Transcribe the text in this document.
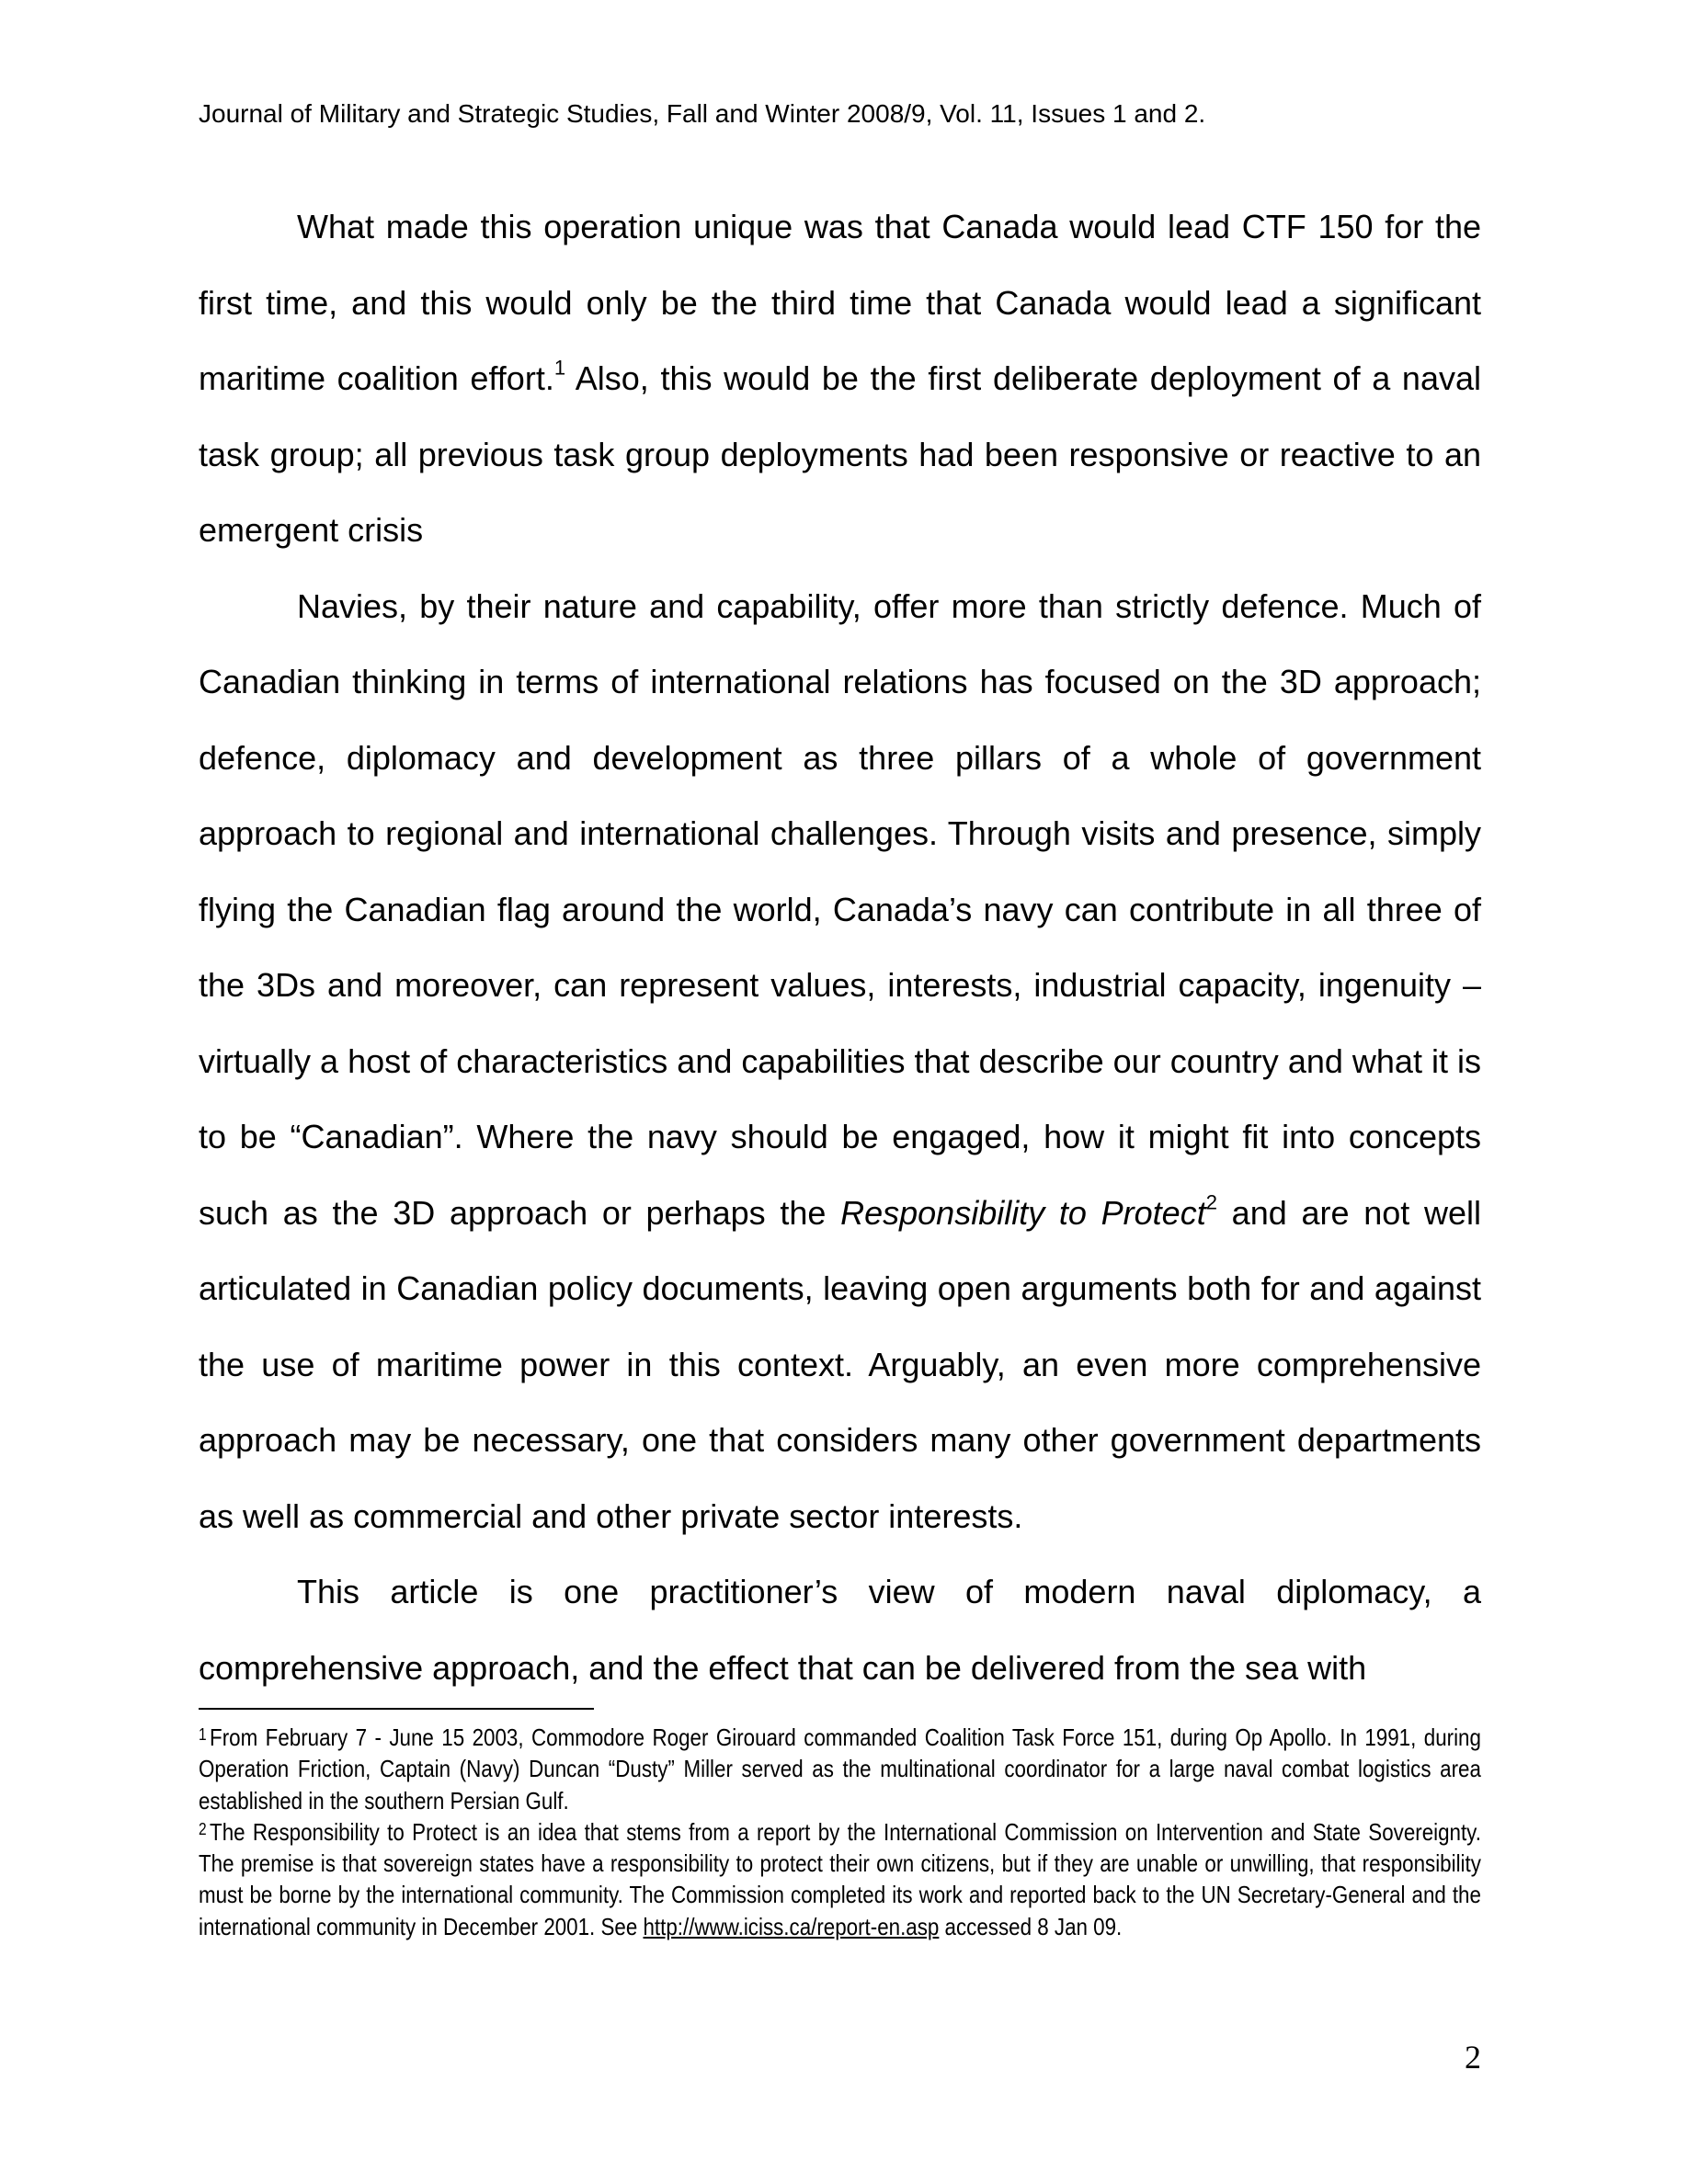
Journal of Military and Strategic Studies, Fall and Winter 2008/9, Vol. 11, Issues 1 and 2.

What made this operation unique was that Canada would lead CTF 150 for the first time, and this would only be the third time that Canada would lead a significant maritime coalition effort.$^1$ Also, this would be the first deliberate deployment of a naval task group; all previous task group deployments had been responsive or reactive to an emergent crisis

Navies, by their nature and capability, offer more than strictly defence. Much of Canadian thinking in terms of international relations has focused on the 3D approach; defence, diplomacy and development as three pillars of a whole of government approach to regional and international challenges. Through visits and presence, simply flying the Canadian flag around the world, Canada’s navy can contribute in all three of the 3Ds and moreover, can represent values, interests, industrial capacity, ingenuity – virtually a host of characteristics and capabilities that describe our country and what it is to be “Canadian”. Where the navy should be engaged, how it might fit into concepts such as the 3D approach or perhaps the Responsibility to Protect$^2$ and are not well articulated in Canadian policy documents, leaving open arguments both for and against the use of maritime power in this context. Arguably, an even more comprehensive approach may be necessary, one that considers many other government departments as well as commercial and other private sector interests.

This article is one practitioner’s view of modern naval diplomacy, a comprehensive approach, and the effect that can be delivered from the sea with

$^1$ From February 7 - June 15 2003, Commodore Roger Girouard commanded Coalition Task Force 151, during Op Apollo. In 1991, during Operation Friction, Captain (Navy) Duncan “Dusty” Miller served as the multinational coordinator for a large naval combat logistics area established in the southern Persian Gulf.

$^2$ The Responsibility to Protect is an idea that stems from a report by the International Commission on Intervention and State Sovereignty. The premise is that sovereign states have a responsibility to protect their own citizens, but if they are unable or unwilling, that responsibility must be borne by the international community. The Commission completed its work and reported back to the UN Secretary-General and the international community in December 2001. See http://www.iciss.ca/report-en.asp accessed 8 Jan 09.

2
